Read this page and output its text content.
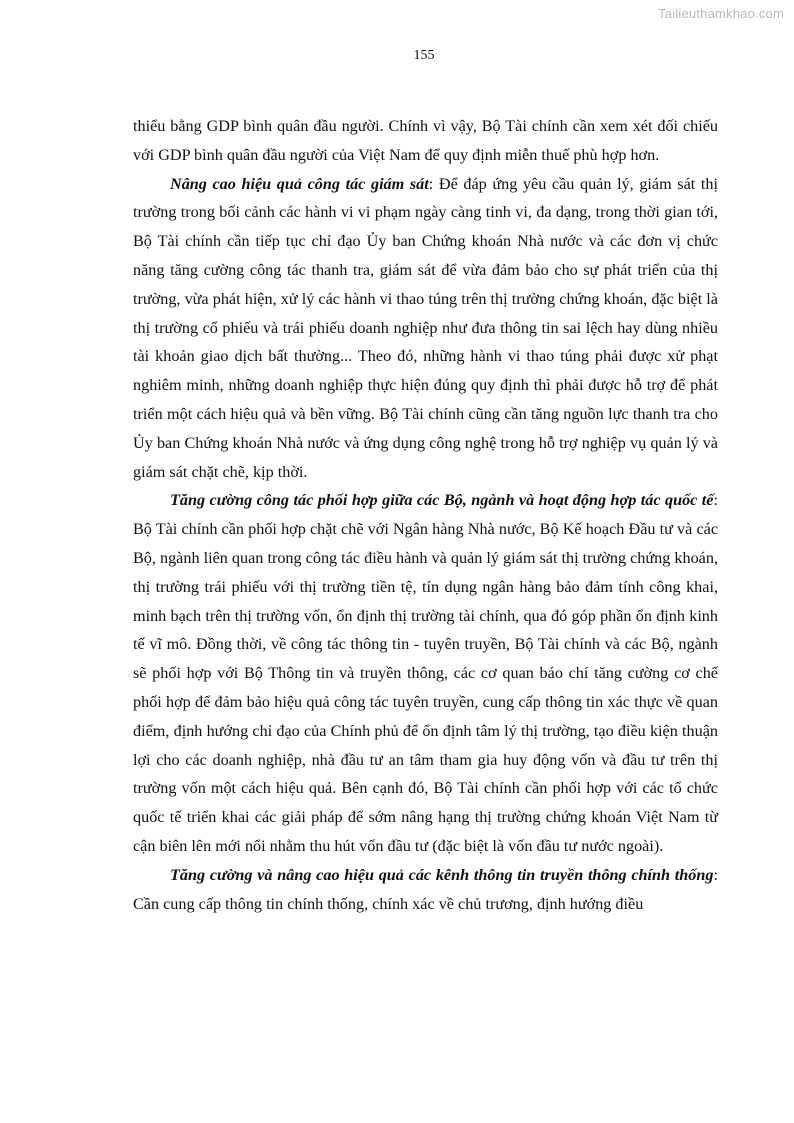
Tailieuthamkhao.com
155

thiểu bằng GDP bình quân đầu người. Chính vì vậy, Bộ Tài chính cần xem xét đối chiếu với GDP bình quân đầu người của Việt Nam để quy định miễn thuế phù hợp hơn.

Nâng cao hiệu quả công tác giám sát: Để đáp ứng yêu cầu quản lý, giám sát thị trường trong bối cảnh các hành vi vi phạm ngày càng tinh vi, đa dạng, trong thời gian tới, Bộ Tài chính cần tiếp tục chỉ đạo Ủy ban Chứng khoán Nhà nước và các đơn vị chức năng tăng cường công tác thanh tra, giám sát để vừa đảm bảo cho sự phát triển của thị trường, vừa phát hiện, xử lý các hành vi thao túng trên thị trường chứng khoán, đặc biệt là thị trường cổ phiếu và trái phiếu doanh nghiệp như đưa thông tin sai lệch hay dùng nhiều tài khoản giao dịch bất thường... Theo đó, những hành vi thao túng phải được xử phạt nghiêm minh, những doanh nghiệp thực hiện đúng quy định thì phải được hỗ trợ để phát triển một cách hiệu quả và bền vững. Bộ Tài chính cũng cần tăng nguồn lực thanh tra cho Ủy ban Chứng khoán Nhà nước và ứng dụng công nghệ trong hỗ trợ nghiệp vụ quản lý và giám sát chặt chẽ, kịp thời.

Tăng cường công tác phối hợp giữa các Bộ, ngành và hoạt động hợp tác quốc tế: Bộ Tài chính cần phối hợp chặt chẽ với Ngân hàng Nhà nước, Bộ Kế hoạch Đầu tư và các Bộ, ngành liên quan trong công tác điều hành và quản lý giám sát thị trường chứng khoán, thị trường trái phiếu với thị trường tiền tệ, tín dụng ngân hàng bảo đảm tính công khai, minh bạch trên thị trường vốn, ổn định thị trường tài chính, qua đó góp phần ổn định kinh tế vĩ mô. Đồng thời, về công tác thông tin - tuyên truyền, Bộ Tài chính và các Bộ, ngành sẽ phối hợp với Bộ Thông tin và truyền thông, các cơ quan báo chí tăng cường cơ chế phối hợp để đảm bảo hiệu quả công tác tuyên truyền, cung cấp thông tin xác thực về quan điểm, định hướng chỉ đạo của Chính phủ để ổn định tâm lý thị trường, tạo điều kiện thuận lợi cho các doanh nghiệp, nhà đầu tư an tâm tham gia huy động vốn và đầu tư trên thị trường vốn một cách hiệu quả. Bên cạnh đó, Bộ Tài chính cần phối hợp với các tổ chức quốc tế triển khai các giải pháp để sớm nâng hạng thị trường chứng khoán Việt Nam từ cận biên lên mới nổi nhằm thu hút vốn đầu tư (đặc biệt là vốn đầu tư nước ngoài).

Tăng cường và nâng cao hiệu quả các kênh thông tin truyền thông chính thống: Cần cung cấp thông tin chính thống, chính xác về chủ trương, định hướng điều
